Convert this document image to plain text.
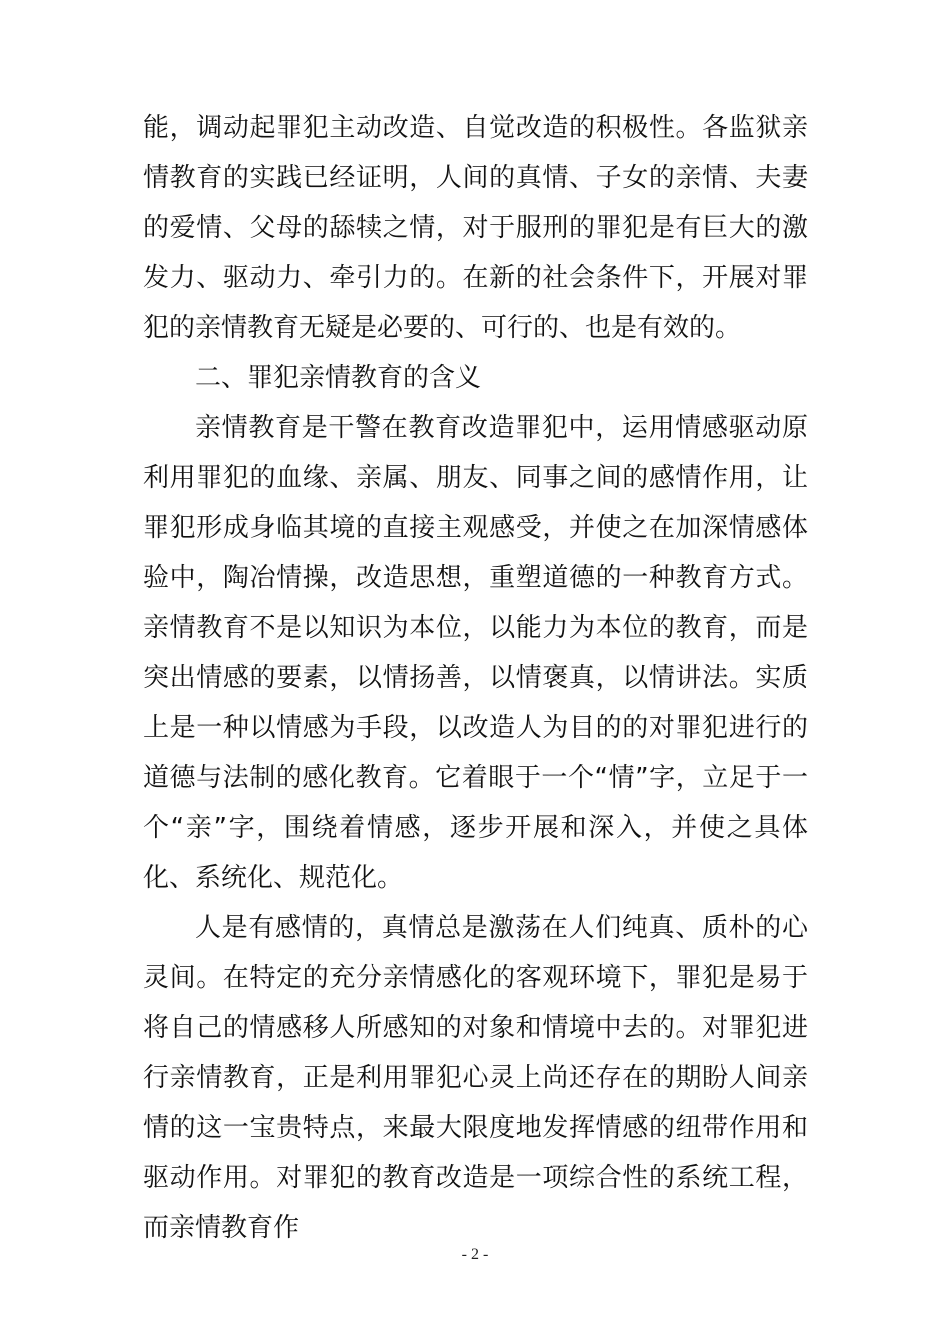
能，调动起罪犯主动改造、自觉改造的积极性。各监狱亲情教育的实践已经证明，人间的真情、子女的亲情、夫妻的爱情、父母的舔犊之情，对于服刑的罪犯是有巨大的激发力、驱动力、牵引力的。在新的社会条件下，开展对罪犯的亲情教育无疑是必要的、可行的、也是有效的。

二、罪犯亲情教育的含义

亲情教育是干警在教育改造罪犯中，运用情感驱动原利用罪犯的血缘、亲属、朋友、同事之间的感情作用，让罪犯形成身临其境的直接主观感受，并使之在加深情感体验中，陶冶情操，改造思想，重塑道德的一种教育方式。亲情教育不是以知识为本位，以能力为本位的教育，而是突出情感的要素，以情扬善，以情褒真，以情讲法。实质上是一种以情感为手段，以改造人为目的的对罪犯进行的道德与法制的感化教育。它着眼于一个“情”字，立足于一个“亲”字，围绕着情感，逐步开展和深入，并使之具体化、系统化、规范化。

人是有感情的，真情总是激荡在人们纯真、质朴的心灵间。在特定的充分亲情感化的客观环境下，罪犯是易于将自己的情感移人所感知的对象和情境中去的。对罪犯进行亲情教育，正是利用罪犯心灵上尚还存在的期盼人间亲情的这一宝贵特点，来最大限度地发挥情感的纽带作用和驱动作用。对罪犯的教育改造是一项综合性的系统工程，而亲情教育作

- 2 -
